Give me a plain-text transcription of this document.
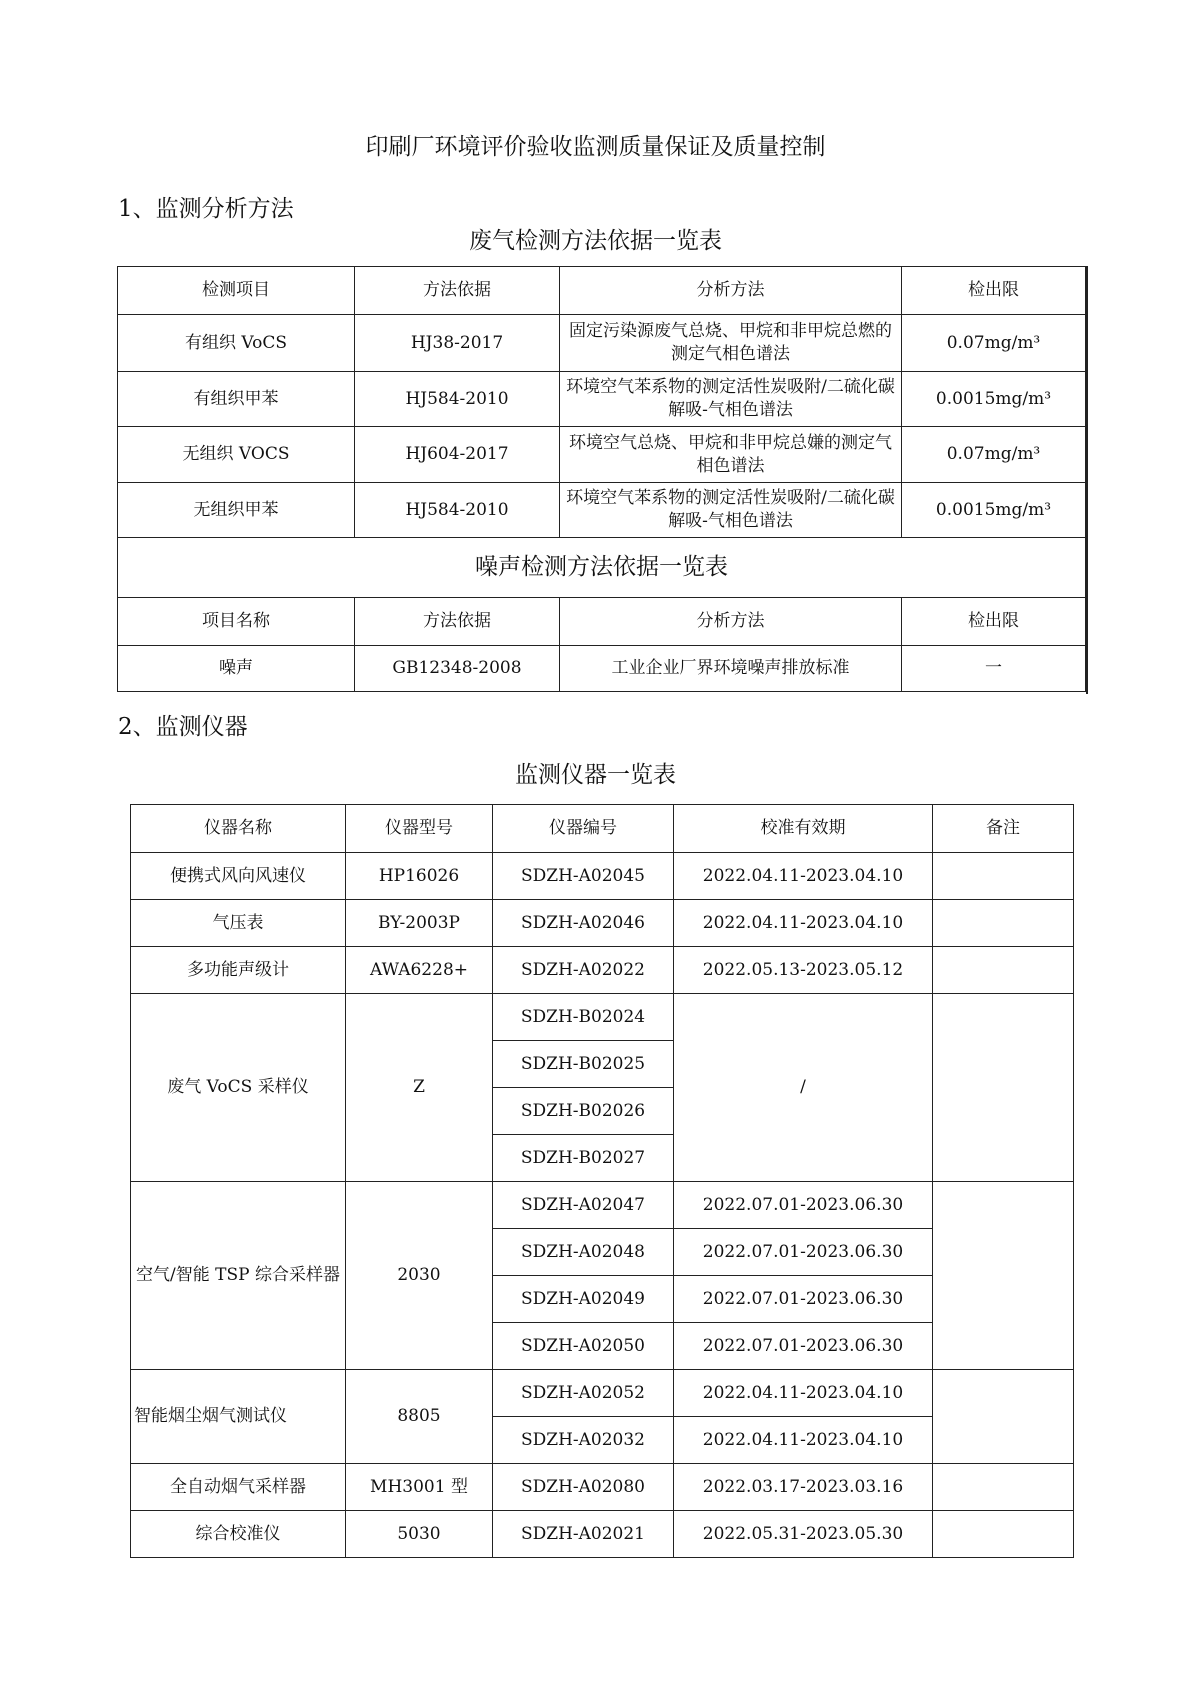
印刷厂环境评价验收监测质量保证及质量控制
1、监测分析方法
废气检测方法依据一览表
检测项目	方法依据	分析方法	检出限
有组织 VoCS	HJ38-2017	固定污染源废气总烧、甲烷和非甲烷总燃的测定气相色谱法	0.07mg/m³
有组织甲苯	HJ584-2010	环境空气苯系物的测定活性炭吸附/二硫化碳解吸-气相色谱法	0.0015mg/m³
无组织 VOCS	HJ604-2017	环境空气总烧、甲烷和非甲烷总嫌的测定气相色谱法	0.07mg/m³
无组织甲苯	HJ584-2010	环境空气苯系物的测定活性炭吸附/二硫化碳解吸-气相色谱法	0.0015mg/m³
噪声检测方法依据一览表			
项目名称	方法依据	分析方法	检出限
噪声	GB12348-2008	工业企业厂界环境噪声排放标准	一
2、监测仪器
监测仪器一览表
仪器名称	仪器型号	仪器编号	校准有效期	备注
便携式风向风速仪	HP16026	SDZH-A02045	2022.04.11-2023.04.10	
气压表	BY-2003P	SDZH-A02046	2022.04.11-2023.04.10	
多功能声级计	AWA6228+	SDZH-A02022	2022.05.13-2023.05.12	
废气 VoCS 采样仪	Z	SDZH-B02024	/	
		SDZH-B02025		
		SDZH-B02026		
		SDZH-B02027		
空气/智能 TSP 综合采样器	2030	SDZH-A02047	2022.07.01-2023.06.30	
		SDZH-A02048	2022.07.01-2023.06.30	
		SDZH-A02049	2022.07.01-2023.06.30	
		SDZH-A02050	2022.07.01-2023.06.30	
智能烟尘烟气测试仪	8805	SDZH-A02052	2022.04.11-2023.04.10	
		SDZH-A02032	2022.04.11-2023.04.10	
全自动烟气采样器	MH3001 型	SDZH-A02080	2022.03.17-2023.03.16	
综合校准仪	5030	SDZH-A02021	2022.05.31-2023.05.30	
